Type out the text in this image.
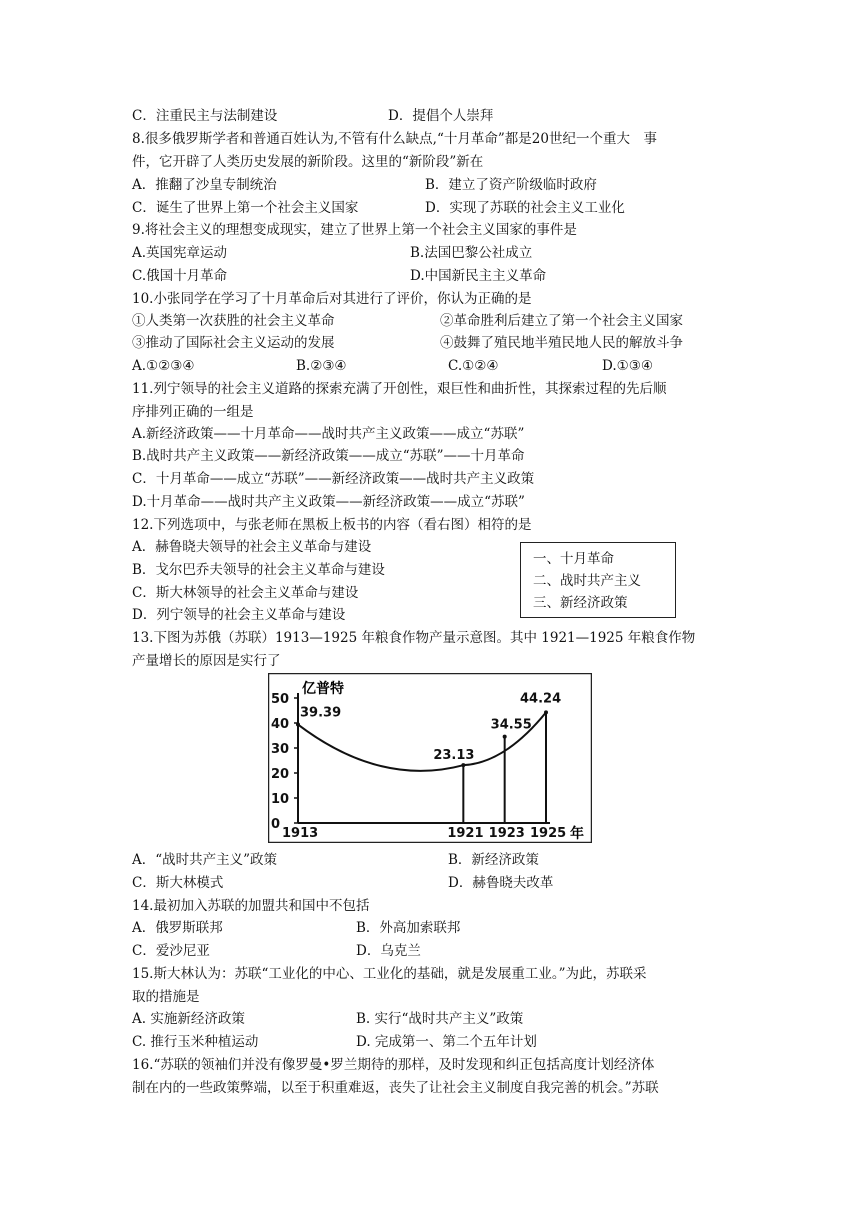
C．注重民主与法制建设	D．提倡个人崇拜
8.很多俄罗斯学者和普通百姓认为,不管有什么缺点,“十月革命”都是20世纪一个重大　事
件，它开辟了人类历史发展的新阶段。这里的“新阶段”新在
A．推翻了沙皇专制统治	B．建立了资产阶级临时政府
C．诞生了世界上第一个社会主义国家	D．实现了苏联的社会主义工业化
9.将社会主义的理想变成现实，建立了世界上第一个社会主义国家的事件是
A.英国宪章运动	B.法国巴黎公社成立
C.俄国十月革命	D.中国新民主主义革命
10.小张同学在学习了十月革命后对其进行了评价，你认为正确的是
①人类第一次获胜的社会主义革命	②革命胜利后建立了第一个社会主义国家
③推动了国际社会主义运动的发展	④鼓舞了殖民地半殖民地人民的解放斗争
A.①②③④	B.②③④	C.①②④	D.①③④
11.列宁领导的社会主义道路的探索充满了开创性，艰巨性和曲折性，其探索过程的先后顺
序排列正确的一组是
A.新经济政策——十月革命——战时共产主义政策——成立“苏联”
B.战时共产主义政策——新经济政策——成立“苏联”——十月革命
C．十月革命——成立“苏联”——新经济政策——战时共产主义政策
D.十月革命——战时共产主义政策——新经济政策——成立“苏联”
12.下列选项中，与张老师在黑板上板书的内容（看右图）相符的是
A．赫鲁晓夫领导的社会主义革命与建设
B．戈尔巴乔夫领导的社会主义革命与建设
C．斯大林领导的社会主义革命与建设
D．列宁领导的社会主义革命与建设
一、十月革命
二、战时共产主义
三、新经济政策
13.下图为苏俄（苏联）1913—1925 年粮食作物产量示意图。其中 1921—1925 年粮食作物
产量增长的原因是实行了
亿普特
年
0
10
20
30
40
50
1913	1921 1923 1925
39.39
23.13
34.55
44.24
A．“战时共产主义”政策	B．新经济政策
C．斯大林模式	D．赫鲁晓夫改革
14.最初加入苏联的加盟共和国中不包括
A．俄罗斯联邦	B．外高加索联邦
C．爱沙尼亚	D．乌克兰
15.斯大林认为：苏联“工业化的中心、工业化的基础，就是发展重工业。”为此，苏联采
取的措施是
A. 实施新经济政策	B. 实行“战时共产主义”政策
C. 推行玉米种植运动	D. 完成第一、第二个五年计划
16.“苏联的领袖们并没有像罗曼•罗兰期待的那样，及时发现和纠正包括高度计划经济体
制在内的一些政策弊端，以至于积重难返，丧失了让社会主义制度自我完善的机会。”苏联
